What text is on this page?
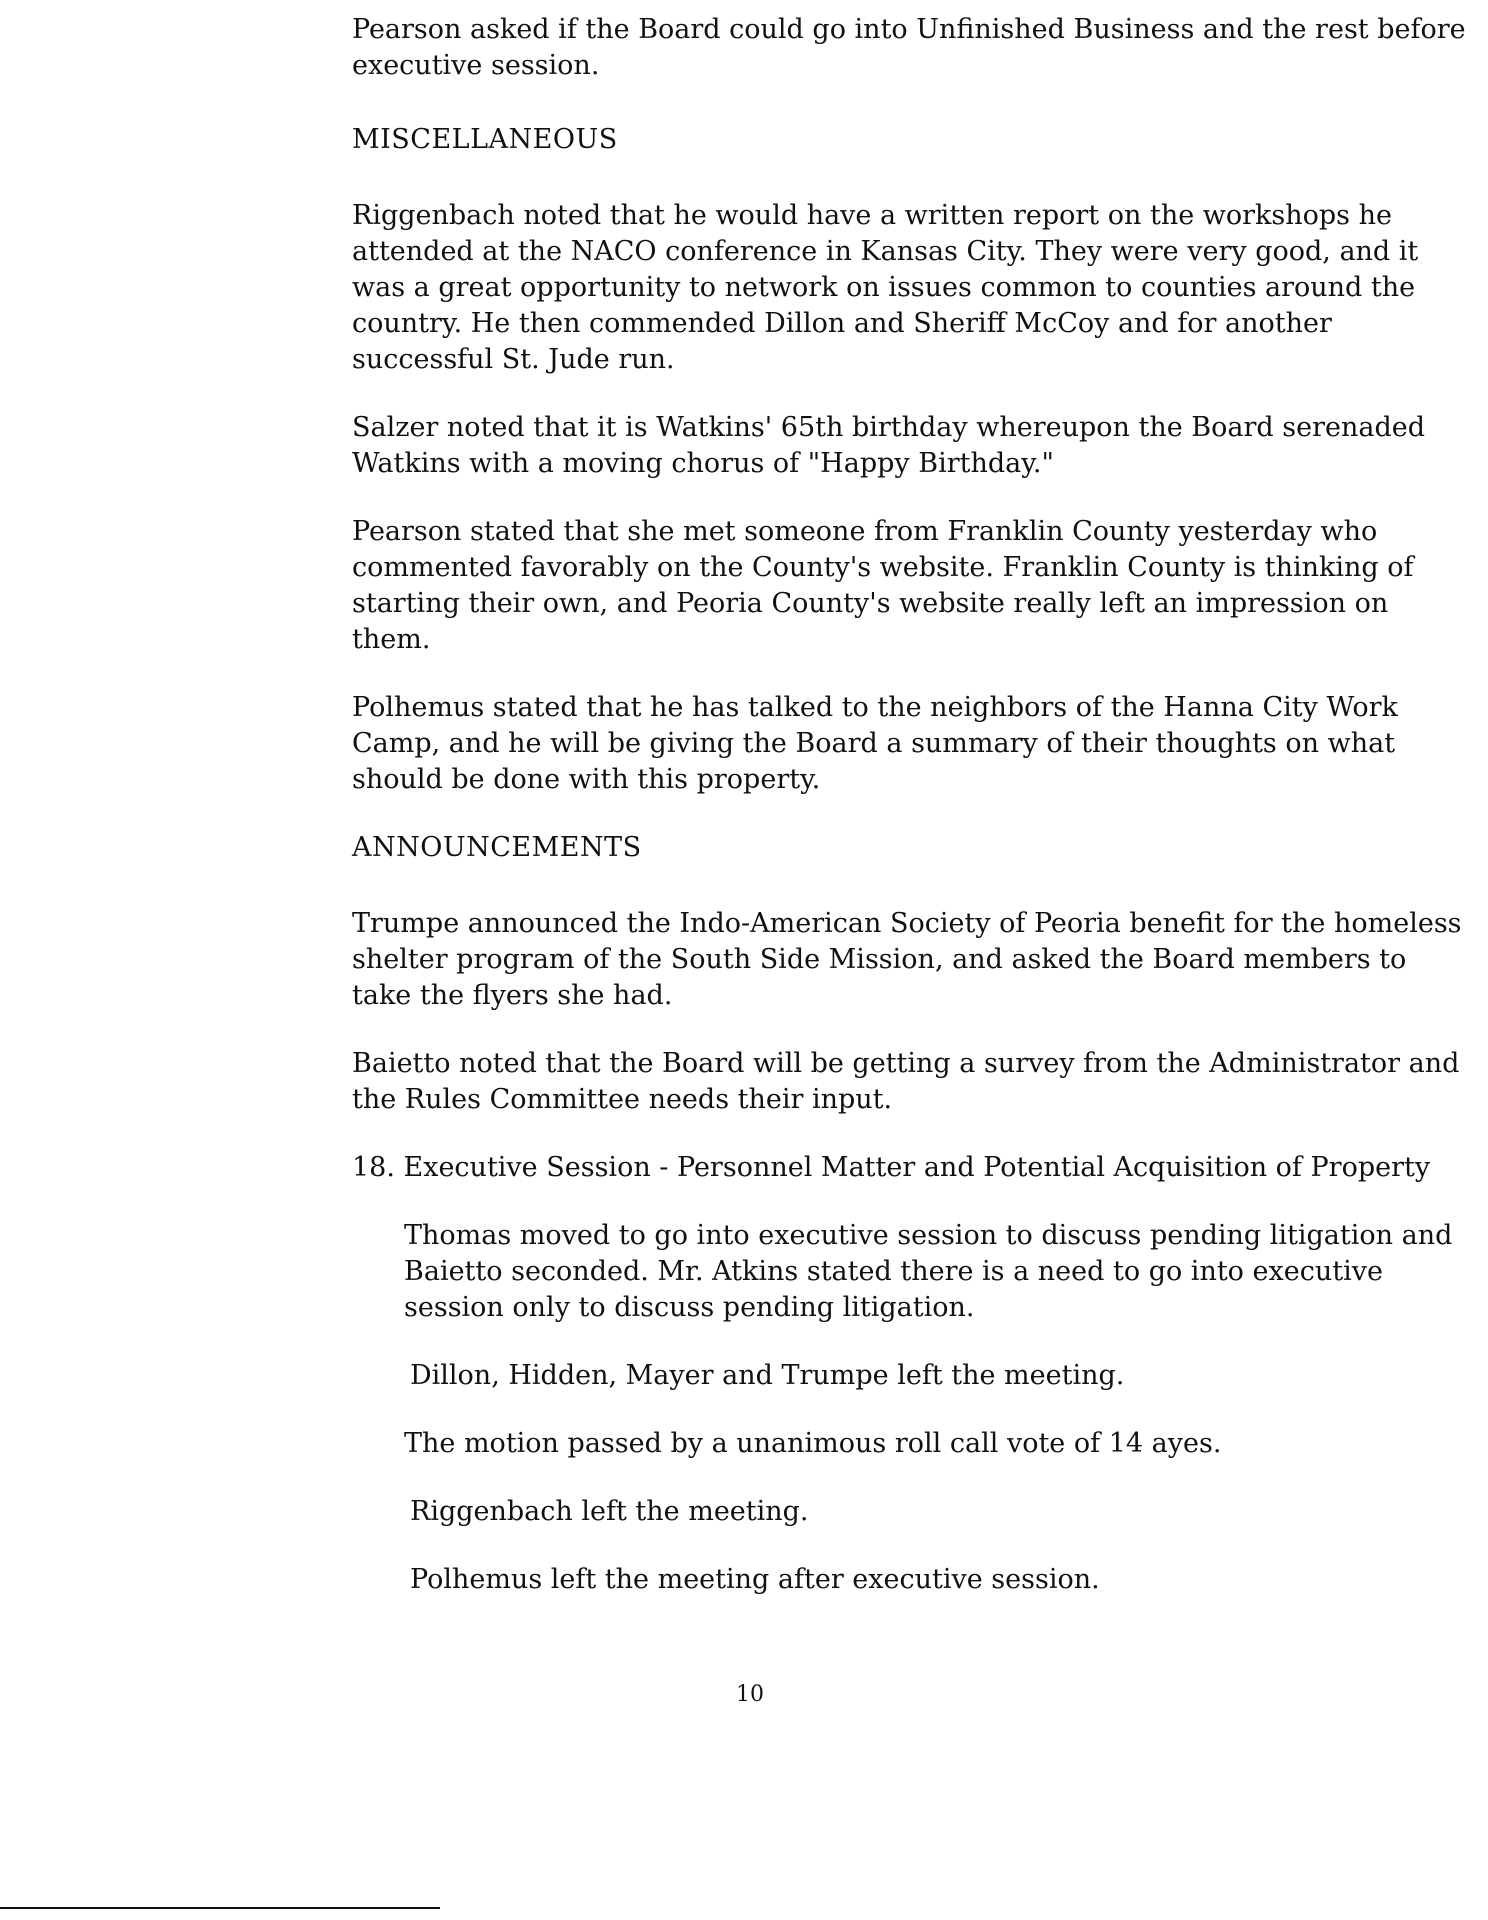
Pearson asked if the Board could go into Unfinished Business and the rest before executive session.

MISCELLANEOUS

Riggenbach noted that he would have a written report on the workshops he attended at the NACO conference in Kansas City. They were very good, and it was a great opportunity to network on issues common to counties around the country. He then commended Dillon and Sheriff McCoy and for another successful St. Jude run.

Salzer noted that it is Watkins' 65th birthday whereupon the Board serenaded Watkins with a moving chorus of "Happy Birthday."

Pearson stated that she met someone from Franklin County yesterday who commented favorably on the County's website. Franklin County is thinking of starting their own, and Peoria County's website really left an impression on them.

Polhemus stated that he has talked to the neighbors of the Hanna City Work Camp, and he will be giving the Board a summary of their thoughts on what should be done with this property.

ANNOUNCEMENTS

Trumpe announced the Indo-American Society of Peoria benefit for the homeless shelter program of the South Side Mission, and asked the Board members to take the flyers she had.

Baietto noted that the Board will be getting a survey from the Administrator and the Rules Committee needs their input.

18. Executive Session - Personnel Matter and Potential Acquisition of Property

Thomas moved to go into executive session to discuss pending litigation and Baietto seconded. Mr. Atkins stated there is a need to go into executive session only to discuss pending litigation.

Dillon, Hidden, Mayer and Trumpe left the meeting.

The motion passed by a unanimous roll call vote of 14 ayes.

Riggenbach left the meeting.

Polhemus left the meeting after executive session.

10
